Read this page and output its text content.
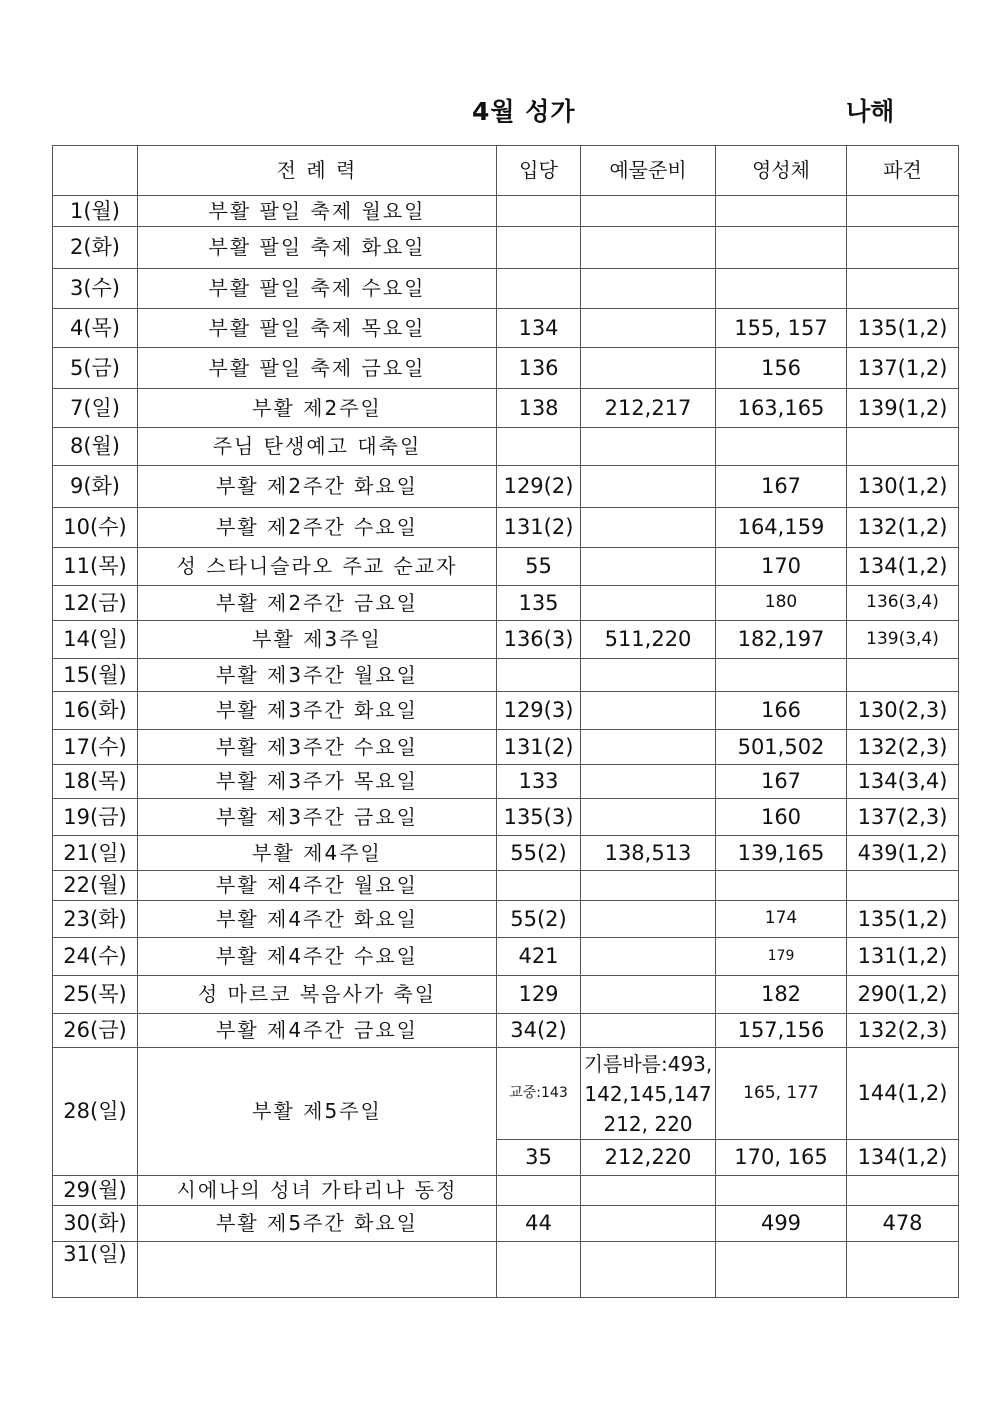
4월 성가	나해
	전 례 력	입당	예물준비	영성체	파견
1(월)	부활 팔일 축제 월요일				
2(화)	부활 팔일 축제 화요일				
3(수)	부활 팔일 축제 수요일				
4(목)	부활 팔일 축제 목요일	134		155, 157	135(1,2)
5(금)	부활 팔일 축제 금요일	136		156	137(1,2)
7(일)	부활 제2주일	138	212,217	163,165	139(1,2)
8(월)	주님 탄생예고 대축일				
9(화)	부활 제2주간 화요일	129(2)		167	130(1,2)
10(수)	부활 제2주간 수요일	131(2)		164,159	132(1,2)
11(목)	성 스타니슬라오 주교 순교자	55		170	134(1,2)
12(금)	부활 제2주간 금요일	135		180	136(3,4)
14(일)	부활 제3주일	136(3)	511,220	182,197	139(3,4)
15(월)	부활 제3주간 월요일				
16(화)	부활 제3주간 화요일	129(3)		166	130(2,3)
17(수)	부활 제3주간 수요일	131(2)		501,502	132(2,3)
18(목)	부활 제3주가 목요일	133		167	134(3,4)
19(금)	부활 제3주간 금요일	135(3)		160	137(2,3)
21(일)	부활 제4주일	55(2)	138,513	139,165	439(1,2)
22(월)	부활 제4주간 월요일				
23(화)	부활 제4주간 화요일	55(2)		174	135(1,2)
24(수)	부활 제4주간 수요일	421		179	131(1,2)
25(목)	성 마르코 복음사가 축일	129		182	290(1,2)
26(금)	부활 제4주간 금요일	34(2)		157,156	132(2,3)
28(일)	부활 제5주일	교중:143	기름바름:493,
142,145,147
212, 220	165, 177	144(1,2)
		35	212,220	170, 165	134(1,2)
29(월)	시에나의 성녀 가타리나 동정				
30(화)	부활 제5주간 화요일	44		499	478
31(일)					
